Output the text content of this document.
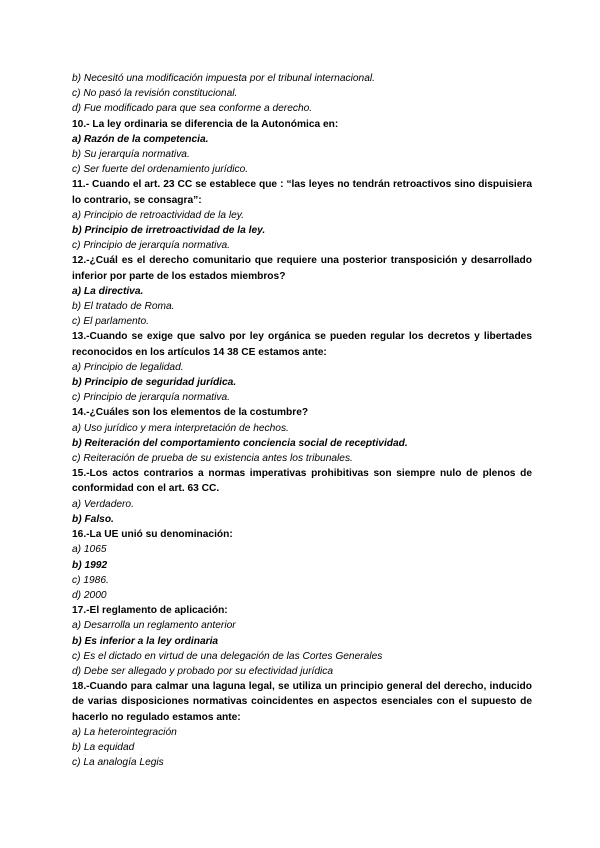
b) Necesitó una modificación impuesta por el tribunal internacional.
c) No pasó la revisión constitucional.
d) Fue modificado para que sea conforme a derecho.
10.- La ley ordinaria se diferencia de la Autonómica en:
a) Razón de la competencia.
b) Su jerarquía normativa.
c) Ser fuerte del ordenamiento jurídico.
11.- Cuando el art. 23 CC se establece que : “las leyes no tendrán retroactivos sino dispuisiera lo contrario, se consagra”:
a) Principio de retroactividad de la ley.
b) Principio de irretroactividad de la ley.
c) Principio de jerarquía normativa.
12.-¿Cuál es el derecho comunitario que requiere una posterior transposición y desarrollado inferior por parte de los estados miembros?
a) La directiva.
b) El tratado de Roma.
c) El parlamento.
13.-Cuando se exige que salvo por ley orgánica se pueden regular los decretos y libertades reconocidos en los artículos 14 38 CE estamos ante:
a) Principio de legalidad.
b) Principio de seguridad jurídica.
c) Principio de jerarquía normativa.
14.-¿Cuáles son los elementos de la costumbre?
a) Uso jurídico y mera interpretación de hechos.
b) Reiteración del comportamiento conciencia social de receptividad.
c) Reiteración de prueba de su existencia antes los tribunales.
15.-Los actos contrarios a normas imperativas prohibitivas son siempre nulo de plenos de conformidad con el art. 63 CC.
a) Verdadero.
b) Falso.
16.-La UE unió su denominación:
a) 1065
b) 1992
c) 1986.
d) 2000
17.-El reglamento de aplicación:
a) Desarrolla un reglamento anterior
b) Es inferior a la ley ordinaria
c) Es el dictado en virtud de una delegación de las Cortes Generales
d) Debe ser allegado y probado por su efectividad jurídica
18.-Cuando para calmar una laguna legal, se utiliza un principio general del derecho, inducido de varias disposiciones normativas coincidentes en aspectos esenciales con el supuesto de hacerlo no regulado estamos ante:
a) La heterointegración
b) La equidad
c) La analogía Legis
